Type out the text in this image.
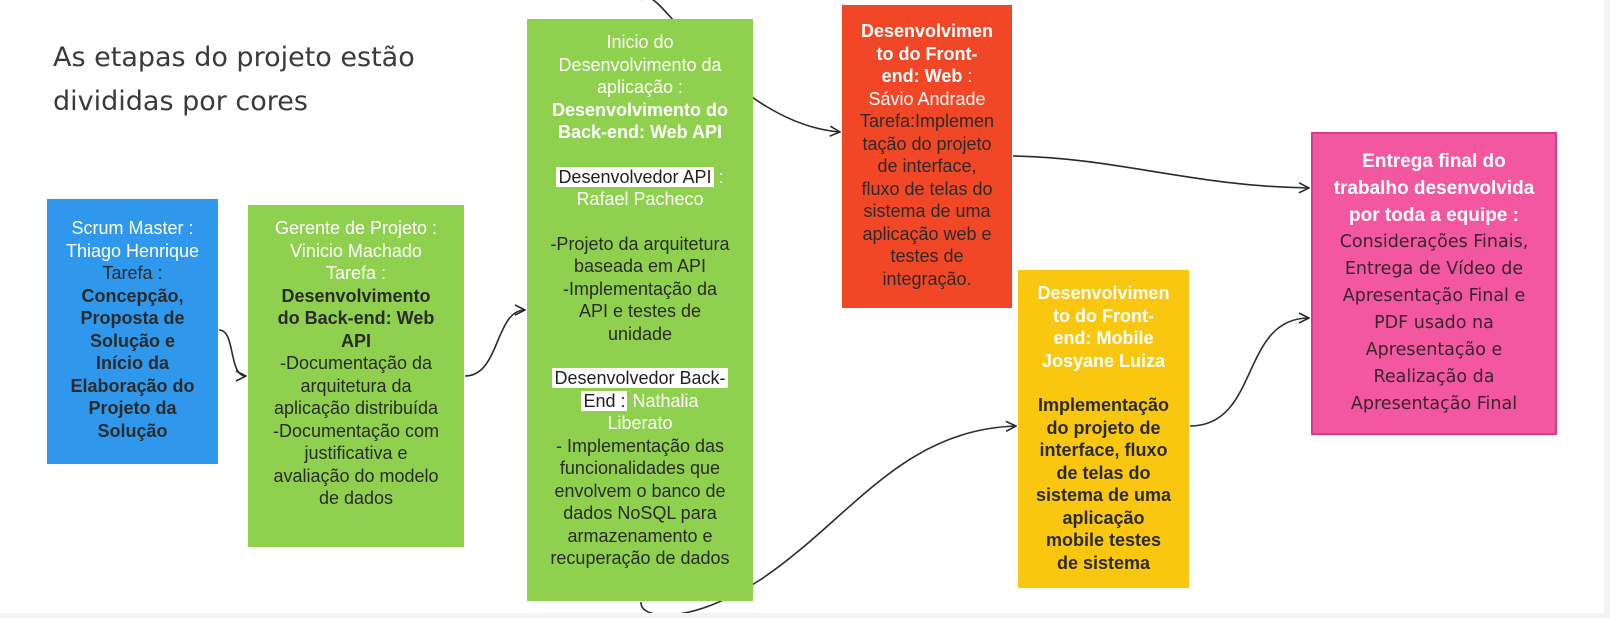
As etapas do projeto estão
divididas por cores
Scrum Master :
Thiago Henrique
Tarefa :
Concepção,
Proposta de
Solução e
Início da
Elaboração do
Projeto da
Solução
Gerente de Projeto :
Vinicio Machado
Tarefa :
Desenvolvimento
do Back-end: Web
API
-Documentação da
arquitetura da
aplicação distribuída
-Documentação com
justificativa e
avaliação do modelo
de dados
Inicio do
Desenvolvimento da
aplicação :
Desenvolvimento do
Back-end: Web API
Desenvolvedor API :
Rafael Pacheco
-Projeto da arquitetura
baseada em API
-Implementação da
API e testes de
unidade
Desenvolvedor Back-
End : Nathalia
Liberato
- Implementação das
funcionalidades que
envolvem o banco de
dados NoSQL para
armazenamento e
recuperação de dados
Desenvolvimen
to do Front-
end: Web :
Sávio Andrade
Tarefa:Implemen
tação do projeto
de interface,
fluxo de telas do
sistema de uma
aplicação web e
testes de
integração.
Desenvolvimen
to do Front-
end: Mobile
Josyane Luiza
Implementação
do projeto de
interface, fluxo
de telas do
sistema de uma
aplicação
mobile testes
de sistema
Entrega final do
trabalho desenvolvida
por toda a equipe :
Considerações Finais,
Entrega de Vídeo de
Apresentação Final e
PDF usado na
Apresentação e
Realização da
Apresentação Final
